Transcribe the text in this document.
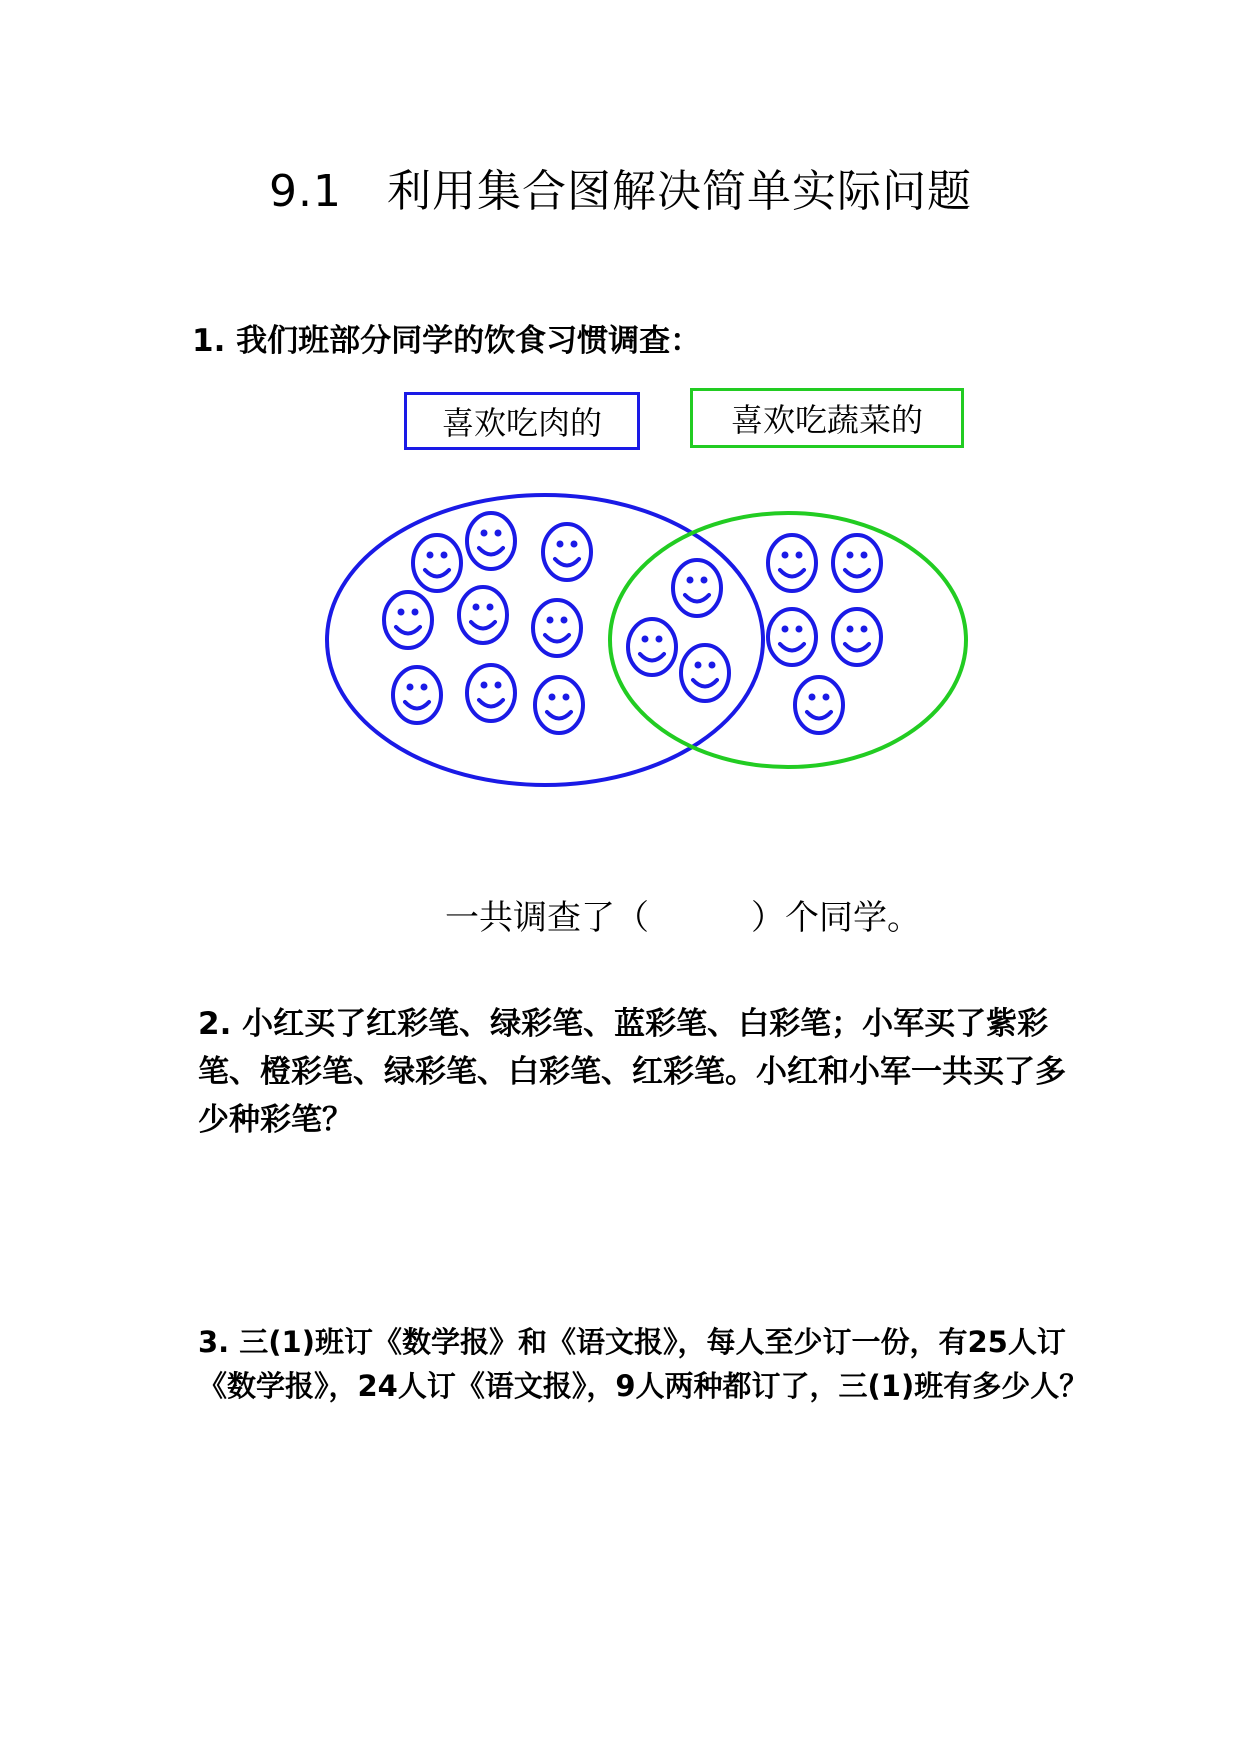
9.1　利用集合图解决简单实际问题
1. 我们班部分同学的饮食习惯调查：
喜欢吃肉的	喜欢吃蔬菜的
一共调查了（　　　）个同学。
2. 小红买了红彩笔、绿彩笔、蓝彩笔、白彩笔；小军买了紫彩笔、橙彩笔、绿彩笔、白彩笔、红彩笔。小红和小军一共买了多少种彩笔？
3. 三(1)班订《数学报》和《语文报》，每人至少订一份，有25人订《数学报》，24人订《语文报》，9人两种都订了，三(1)班有多少人？
